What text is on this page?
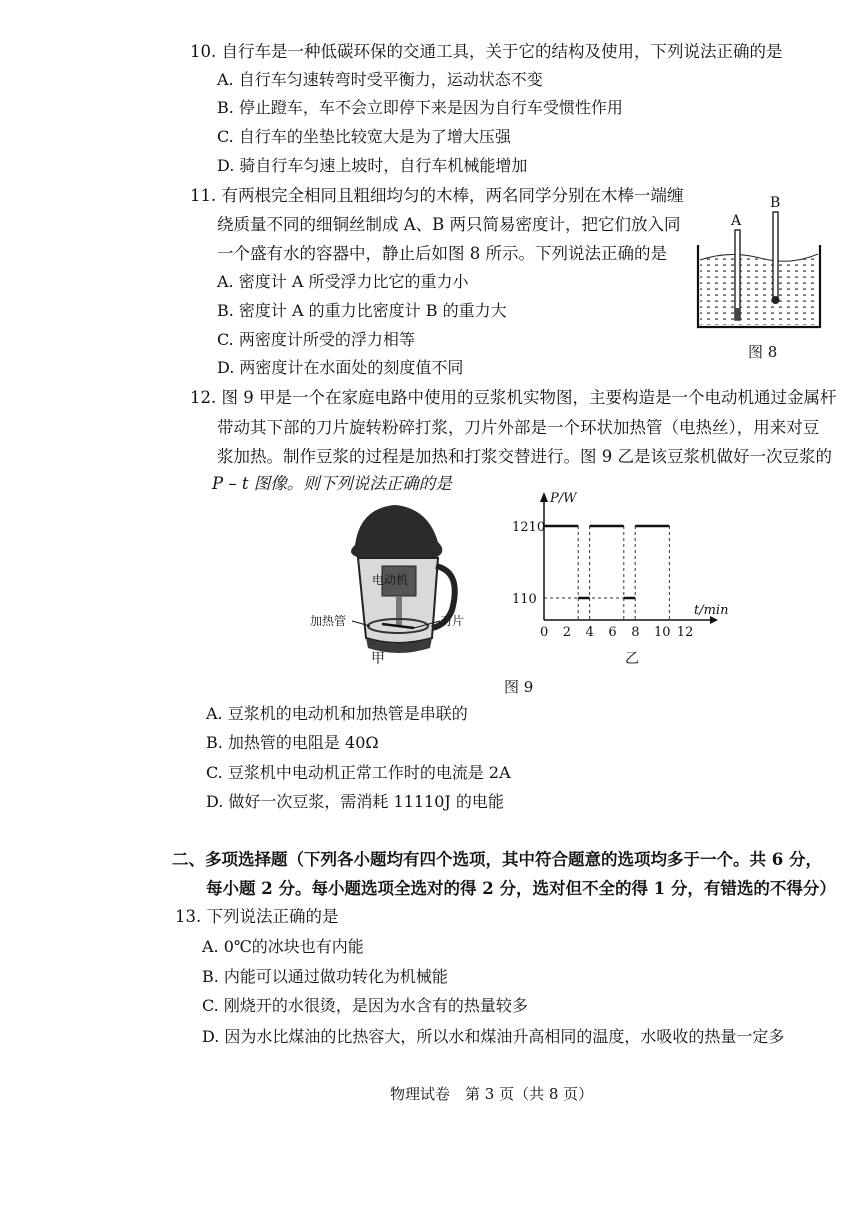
10. 自行车是一种低碳环保的交通工具，关于它的结构及使用，下列说法正确的是
A. 自行车匀速转弯时受平衡力，运动状态不变
B. 停止蹬车，车不会立即停下来是因为自行车受惯性作用
C. 自行车的坐垫比较宽大是为了增大压强
D. 骑自行车匀速上坡时，自行车机械能增加
11. 有两根完全相同且粗细均匀的木棒，两名同学分别在木棒一端缠
绕质量不同的细铜丝制成 A、B 两只简易密度计，把它们放入同
一个盛有水的容器中，静止后如图 8 所示。下列说法正确的是
A. 密度计 A 所受浮力比它的重力小
B. 密度计 A 的重力比密度计 B 的重力大
C. 两密度计所受的浮力相等
D. 两密度计在水面处的刻度值不同
A
B
图 8
12. 图 9 甲是一个在家庭电路中使用的豆浆机实物图，主要构造是一个电动机通过金属杆
带动其下部的刀片旋转粉碎打浆，刀片外部是一个环状加热管（电热丝），用来对豆
浆加热。制作豆浆的过程是加热和打浆交替进行。图 9 乙是该豆浆机做好一次豆浆的
P – t 图像。则下列说法正确的是
电动机
加热管	刀片
甲
P/W
t/min
0 2 4 6 8 10 12
110
1210
乙
图 9
A. 豆浆机的电动机和加热管是串联的
B. 加热管的电阻是 40Ω
C. 豆浆机中电动机正常工作时的电流是 2A
D. 做好一次豆浆，需消耗 11110J 的电能
二、多项选择题（下列各小题均有四个选项，其中符合题意的选项均多于一个。共 6 分，
每小题 2 分。每小题选项全选对的得 2 分，选对但不全的得 1 分，有错选的不得分）
13. 下列说法正确的是
A. 0℃的冰块也有内能
B. 内能可以通过做功转化为机械能
C. 刚烧开的水很烫，是因为水含有的热量较多
D. 因为水比煤油的比热容大，所以水和煤油升高相同的温度，水吸收的热量一定多
物理试卷　第 3 页（共 8 页）
